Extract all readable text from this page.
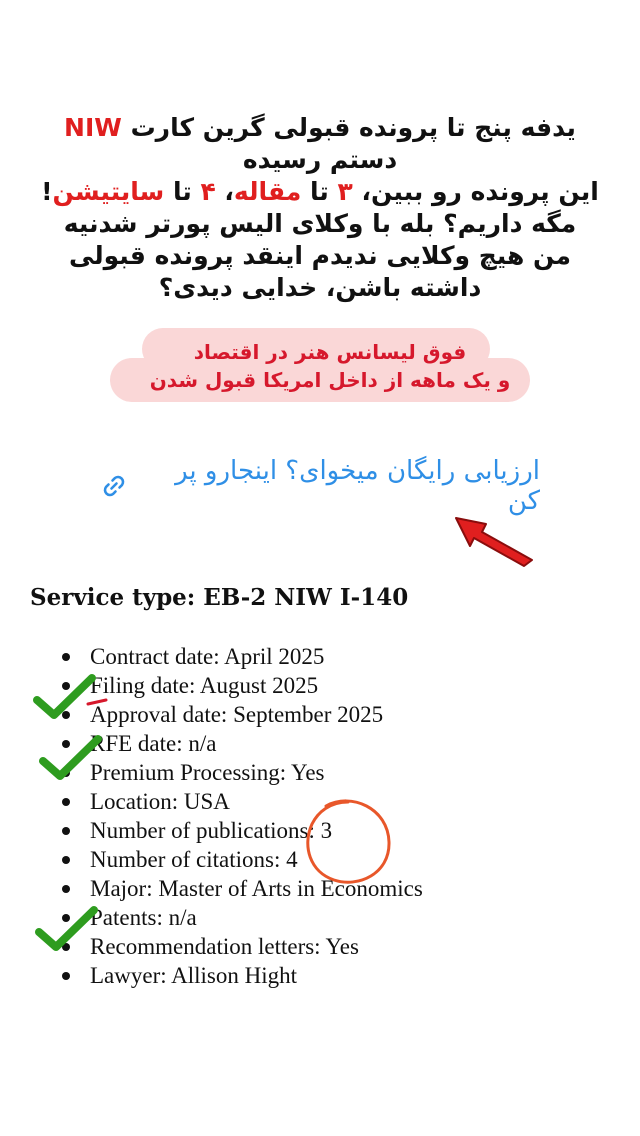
یدفه پنج تا پرونده قبولی گرین کارت NIW دستم رسیده

این پرونده رو ببین، ۳ تا مقاله، ۴ تا سایتیشن!

مگه داریم؟ بله با وکلای الیس پورتر شدنیه

من هیچ وکلایی ندیدم اینقد پرونده قبولی داشته باشن، خدایی دیدی؟

فوق لیسانس هنر در اقتصاد

و یک ماهه از داخل امریکا قبول شدن

ارزیابی رایگان میخوای؟ اینجارو پر کن
Service type: EB-2 NIW I-140
Contract date: April 2025
Filing date: August 2025
Approval date: September 2025
RFE date: n/a
Premium Processing: Yes
Location: USA
Number of publications: 3
Number of citations: 4
Major: Master of Arts in Economics
Patents: n/a
Recommendation letters: Yes
Lawyer: Allison Hight
